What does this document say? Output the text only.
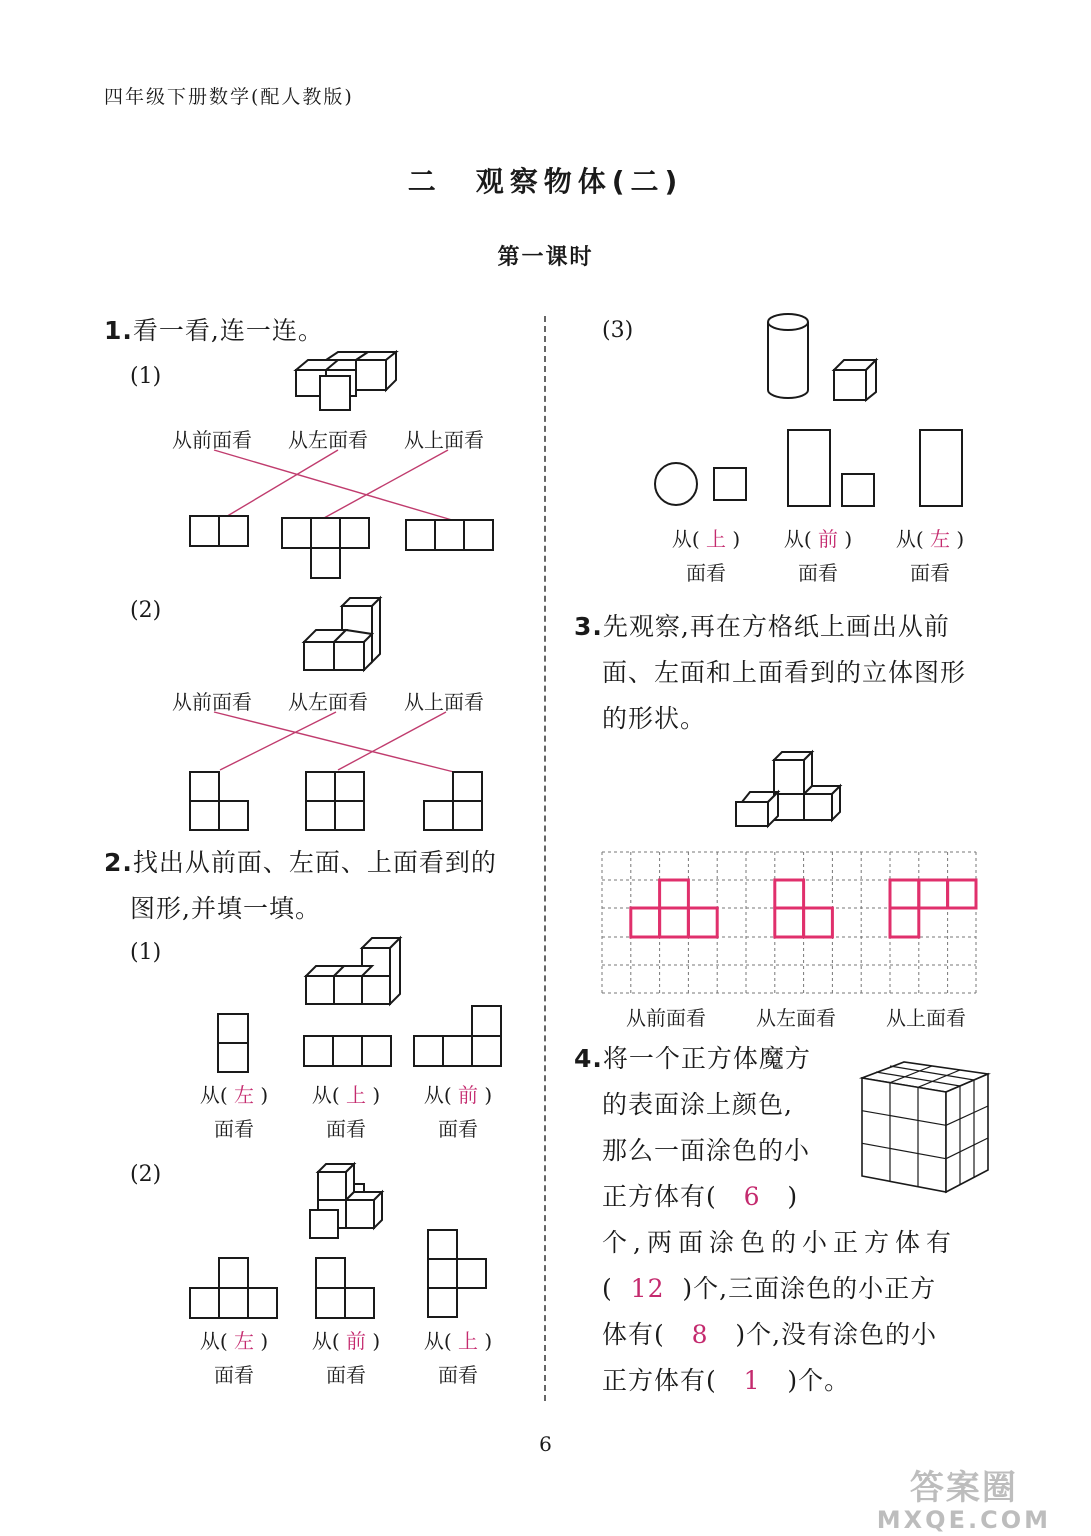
四年级下册数学(配人教版)
二　观察物体(二)
第一课时
1.看一看,连一连。
(1)
从前面看 从左面看 从上面看
(2)
从前面看 从左面看 从上面看
2.找出从前面、左面、上面看到的
图形,并填一填。
(1)
从( 左 )
面看
从( 上 )
面看
从( 前 )
面看
(2)
从( 左 )
面看
从( 前 )
面看
从( 上 )
面看
(3)
从( 上 )
面看
从( 前 )
面看
从( 左 )
面看
3.先观察,再在方格纸上画出从前
面、左面和上面看到的立体图形
的形状。
从前面看	从左面看	从上面看
4.将一个正方体魔方
的表面涂上颜色,
那么一面涂色的小
正方体有( 6 )
个,两面涂色的小正方体有
( 12 )个,三面涂色的小正方
体有( 8 )个,没有涂色的小
正方体有( 1 )个。
6
答案圈
MXQE.COM
